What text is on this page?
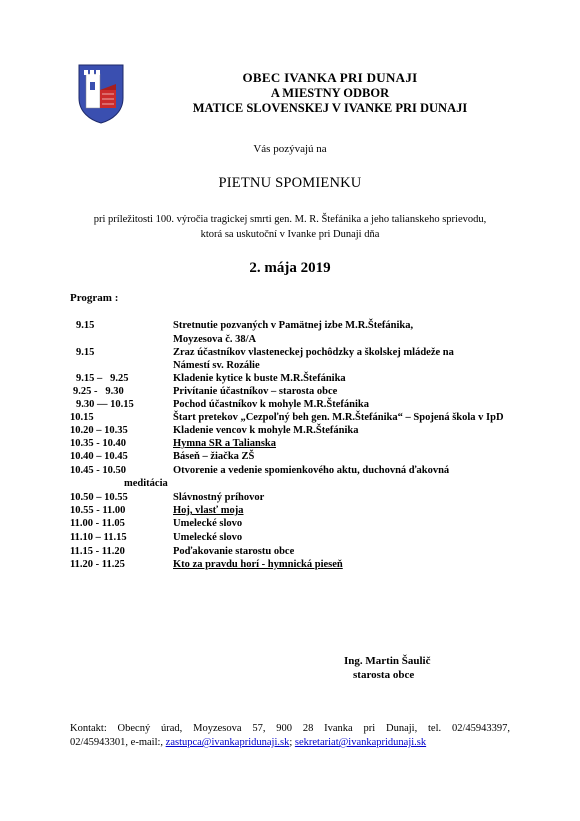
OBEC IVANKA PRI DUNAJI
A MIESTNY ODBOR
MATICE SLOVENSKEJ V IVANKE PRI DUNAJI
Vás pozývajú na
PIETNU SPOMIENKU
pri príležitosti 100. výročia tragickej smrti gen. M. R. Štefánika a jeho talianskeho sprievodu,
ktorá sa uskutoční v Ivanke pri Dunaji dňa
2. mája 2019
Program :
9.15	Stretnutie pozvaných v Pamätnej izbe M.R.Štefánika,
Moyzesova č. 38/A
9.15	Zraz účastníkov vlasteneckej pochôdzky a školskej mládeže na
Námestí sv. Rozálie
9.15 –   9.25	Kladenie kytice k buste M.R.Štefánika
9.25 -   9.30	Privítanie účastníkov – starosta obce
9.30 — 10.15	Pochod účastníkov k mohyle M.R.Štefánika
10.15	Štart pretekov „Cezpoľný beh gen. M.R.Štefánika“ – Spojená škola v IpD
10.20 – 10.35	Kladenie vencov k mohyle M.R.Štefánika
10.35 - 10.40	Hymna SR a Talianska
10.40 – 10.45	Báseň – žiačka ZŠ
10.45 - 10.50	Otvorenie a vedenie spomienkového aktu, duchovná ďakovná
meditácia
10.50 – 10.55	Slávnostný príhovor
10.55 - 11.00	Hoj, vlasť moja
11.00 - 11.05	Umelecké slovo
11.10 – 11.15	Umelecké slovo
11.15 - 11.20	Poďakovanie starostu obce
11.20 - 11.25	Kto za pravdu horí - hymnická pieseň
Ing. Martin Šaulič
starosta obce
Kontakt: Obecný úrad, Moyzesova 57, 900 28 Ivanka pri Dunaji, tel. 02/45943397,
02/45943301, e-mail:, zastupca@ivankapridunaji.sk; sekretariat@ivankapridunaji.sk
